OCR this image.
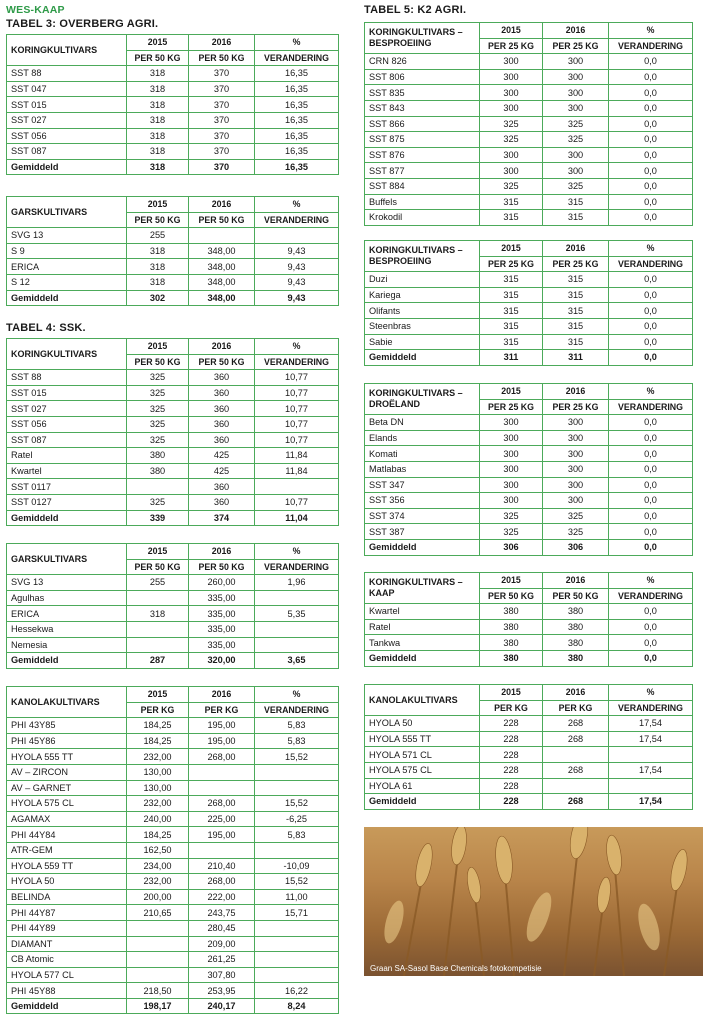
WES-KAAP
TABEL 3: OVERBERG AGRI.
TABEL 4: SSK.
TABEL 5: K2 AGRI.
KORINGKULTIVARS	2015	2016	%
	PER 50 KG	PER 50 KG	VERANDERING
SST 88	318	370	16,35
SST 047	318	370	16,35
SST 015	318	370	16,35
SST 027	318	370	16,35
SST 056	318	370	16,35
SST 087	318	370	16,35
Gemiddeld	318	370	16,35
GARSKULTIVARS	2015	2016	%
	PER 50 KG	PER 50 KG	VERANDERING
SVG 13	255		
S 9	318	348,00	9,43
ERICA	318	348,00	9,43
S 12	318	348,00	9,43
Gemiddeld	302	348,00	9,43
KORINGKULTIVARS	2015	2016	%
	PER 50 KG	PER 50 KG	VERANDERING
SST 88	325	360	10,77
SST 015	325	360	10,77
SST 027	325	360	10,77
SST 056	325	360	10,77
SST 087	325	360	10,77
Ratel	380	425	11,84
Kwartel	380	425	11,84
SST 0117		360	
SST 0127	325	360	10,77
Gemiddeld	339	374	11,04
GARSKULTIVARS	2015	2016	%
	PER 50 KG	PER 50 KG	VERANDERING
SVG 13	255	260,00	1,96
Agulhas		335,00	
ERICA	318	335,00	5,35
Hessekwa		335,00	
Nemesia		335,00	
Gemiddeld	287	320,00	3,65
KANOLAKULTIVARS	2015	2016	%
	PER KG	PER KG	VERANDERING
PHI 43Y85	184,25	195,00	5,83
PHI 45Y86	184,25	195,00	5,83
HYOLA 555 TT	232,00	268,00	15,52
AV – ZIRCON	130,00		
AV – GARNET	130,00		
HYOLA 575 CL	232,00	268,00	15,52
AGAMAX	240,00	225,00	-6,25
PHI 44Y84	184,25	195,00	5,83
ATR-GEM	162,50		
HYOLA 559 TT	234,00	210,40	-10,09
HYOLA 50	232,00	268,00	15,52
BELINDA	200,00	222,00	11,00
PHI 44Y87	210,65	243,75	15,71
PHI 44Y89		280,45	
DIAMANT		209,00	
CB Atomic		261,25	
HYOLA 577 CL		307,80	
PHI 45Y88	218,50	253,95	16,22
Gemiddeld	198,17	240,17	8,24
KORINGKULTIVARS – BESPROEIING	2015	2016	%
	PER 25 KG	PER 25 KG	VERANDERING
CRN 826	300	300	0,0
SST 806	300	300	0,0
SST 835	300	300	0,0
SST 843	300	300	0,0
SST 866	325	325	0,0
SST 875	325	325	0,0
SST 876	300	300	0,0
SST 877	300	300	0,0
SST 884	325	325	0,0
Buffels	315	315	0,0
Krokodil	315	315	0,0
KORINGKULTIVARS – BESPROEIING	2015	2016	%
	PER 25 KG	PER 25 KG	VERANDERING
Duzi	315	315	0,0
Kariega	315	315	0,0
Olifants	315	315	0,0
Steenbras	315	315	0,0
Sabie	315	315	0,0
Gemiddeld	311	311	0,0
KORINGKULTIVARS – DROËLAND	2015	2016	%
	PER 25 KG	PER 25 KG	VERANDERING
Beta DN	300	300	0,0
Elands	300	300	0,0
Komati	300	300	0,0
Matlabas	300	300	0,0
SST 347	300	300	0,0
SST 356	300	300	0,0
SST 374	325	325	0,0
SST 387	325	325	0,0
Gemiddeld	306	306	0,0
KORINGKULTIVARS – KAAP	2015	2016	%
	PER 50 KG	PER 50 KG	VERANDERING
Kwartel	380	380	0,0
Ratel	380	380	0,0
Tankwa	380	380	0,0
Gemiddeld	380	380	0,0
KANOLAKULTIVARS	2015	2016	%
	PER KG	PER KG	VERANDERING
HYOLA 50	228	268	17,54
HYOLA 555 TT	228	268	17,54
HYOLA 571 CL	228		
HYOLA 575 CL	228	268	17,54
HYOLA 61	228		
Gemiddeld	228	268	17,54
Graan SA-Sasol Base Chemicals fotokompetisie
